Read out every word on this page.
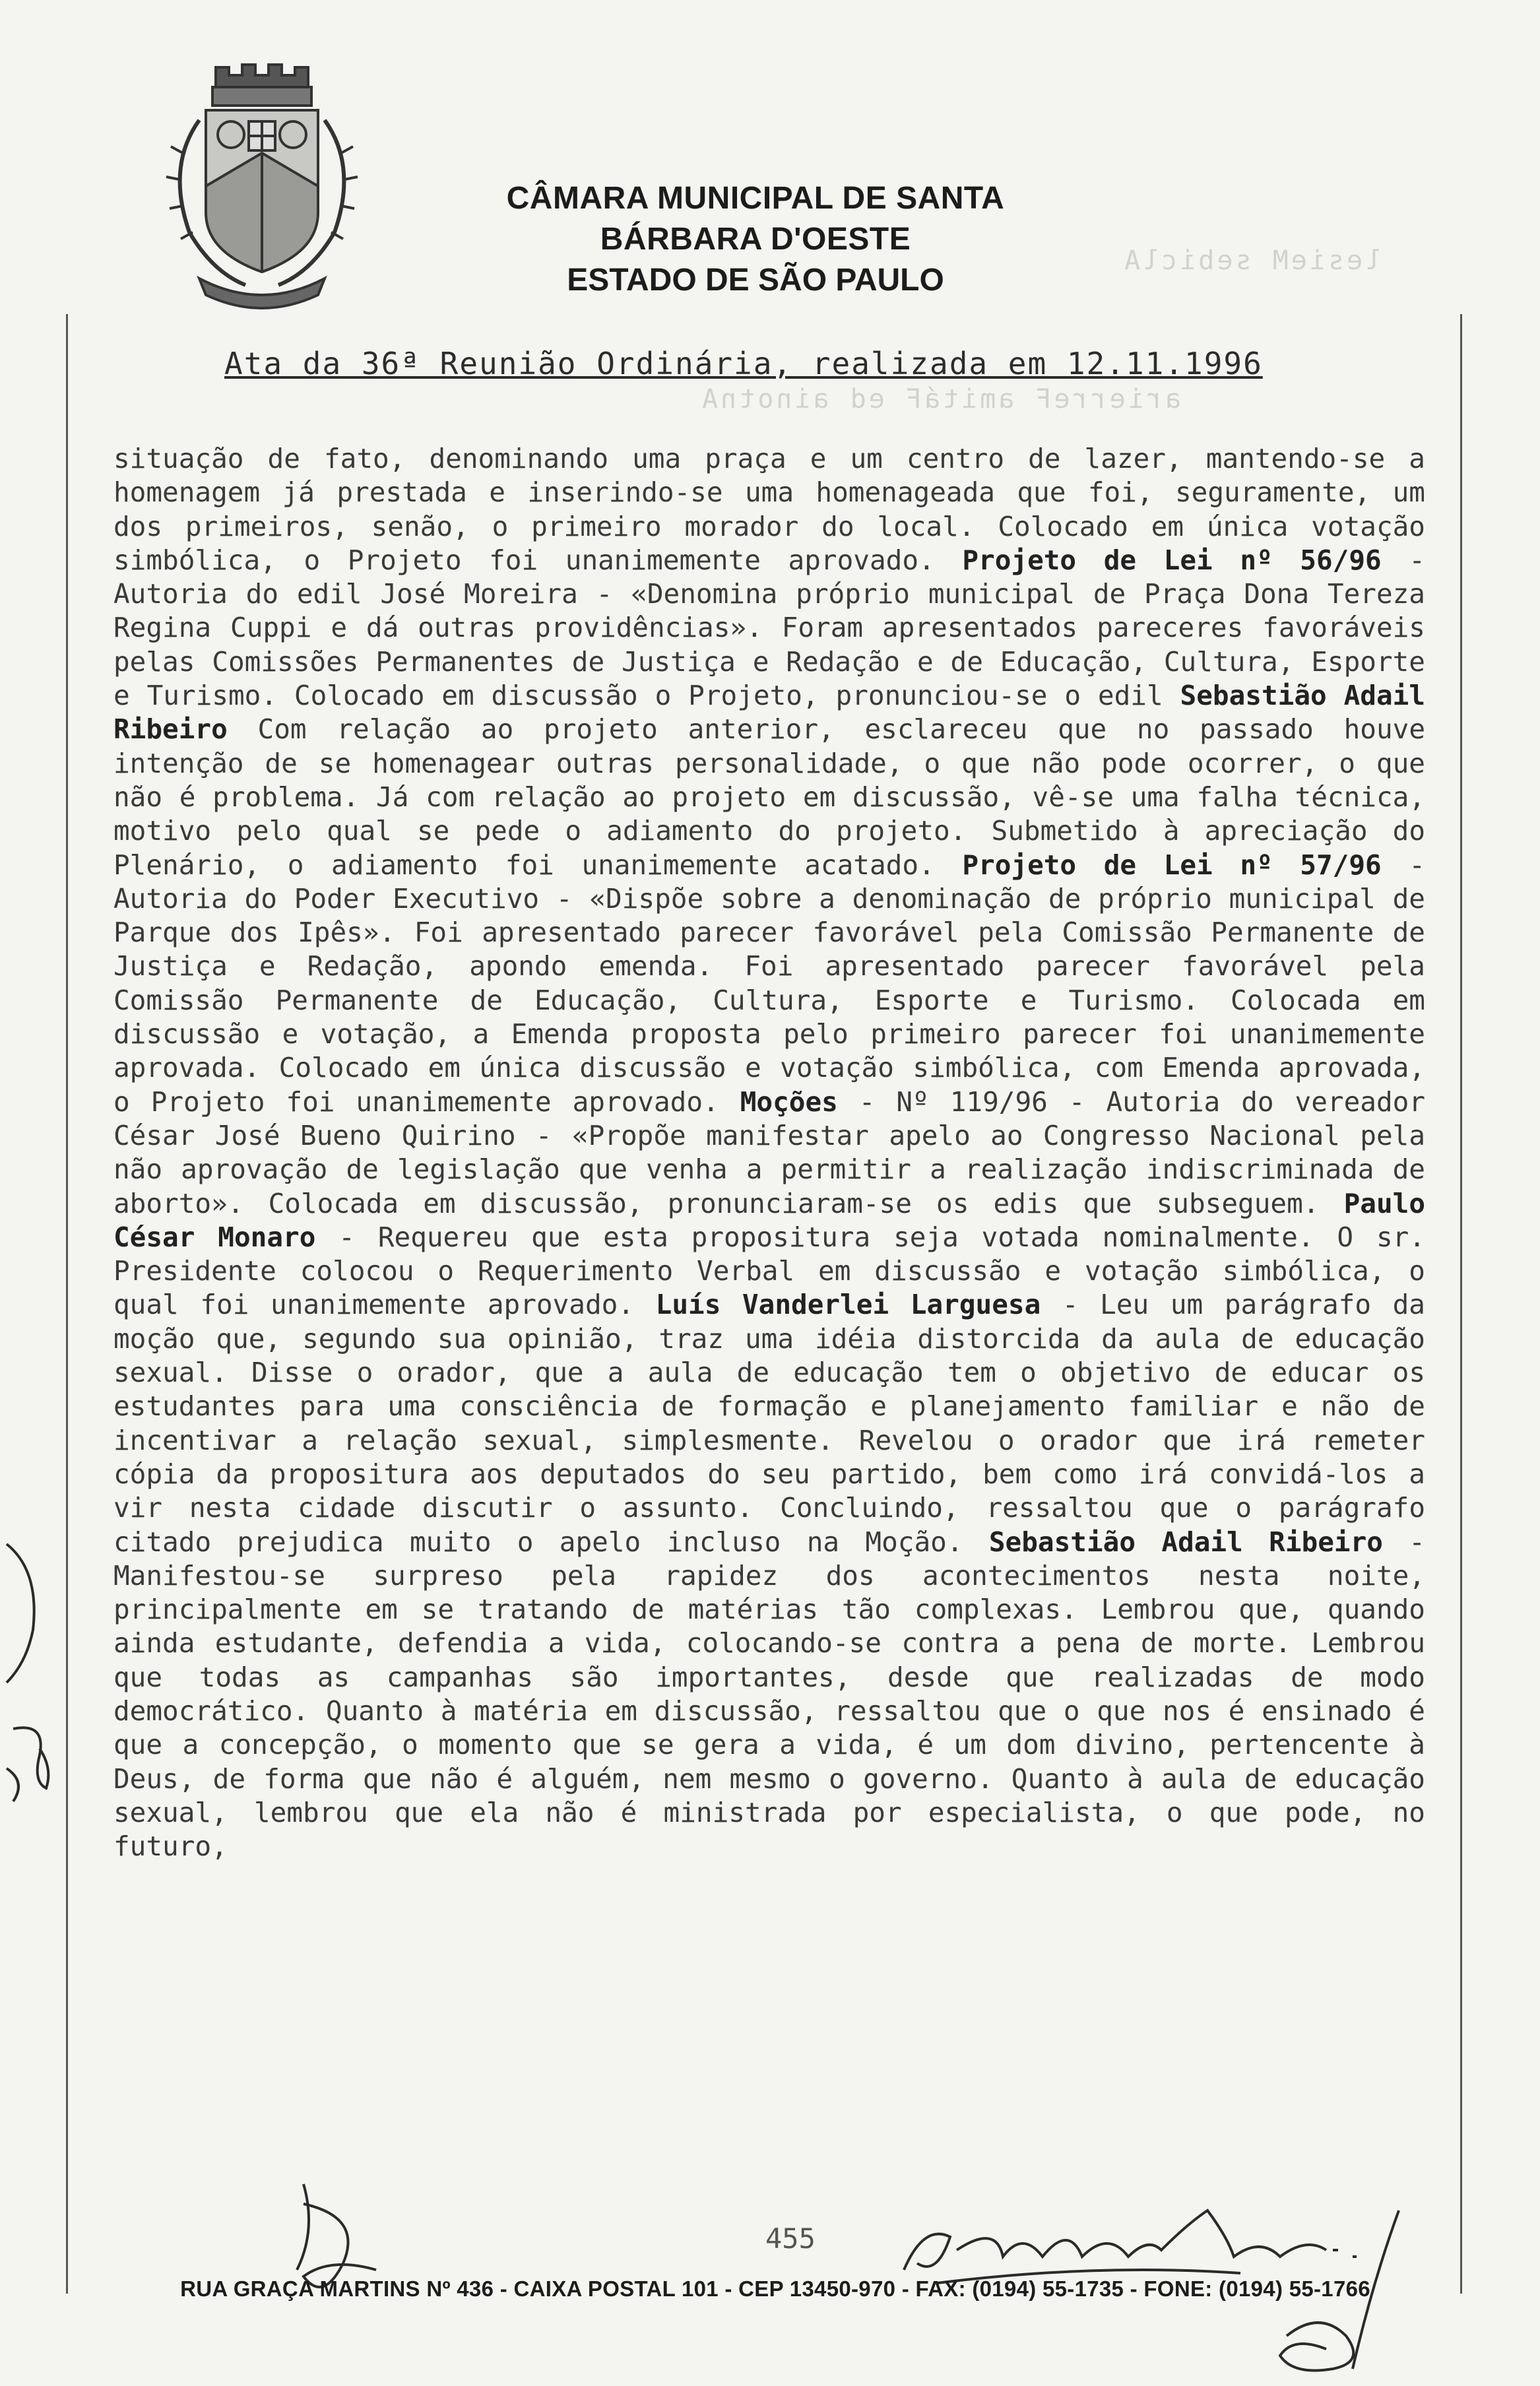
lesieM sebiclA
arierreF amitáF ed ainotnA
CÂMARA MUNICIPAL DE SANTA BÁRBARA D'OESTE
ESTADO DE SÃO PAULO
Ata da 36ª Reunião Ordinária, realizada em 12.11.1996
situação de fato, denominando uma praça e um centro de lazer, mantendo-se a homenagem já prestada e inserindo-se uma homenageada que foi, seguramente, um dos primeiros, senão, o primeiro morador do local. Colocado em única votação simbólica, o Projeto foi unanimemente aprovado. Projeto de Lei nº 56/96 - Autoria do edil José Moreira - «Denomina próprio municipal de Praça Dona Tereza Regina Cuppi e dá outras providências». Foram apresentados pareceres favoráveis pelas Comissões Permanentes de Justiça e Redação e de Educação, Cultura, Esporte e Turismo. Colocado em discussão o Projeto, pronunciou-se o edil Sebastião Adail Ribeiro Com relação ao projeto anterior, esclareceu que no passado houve intenção de se homenagear outras personalidade, o que não pode ocorrer, o que não é problema. Já com relação ao projeto em discussão, vê-se uma falha técnica, motivo pelo qual se pede o adiamento do projeto. Submetido à apreciação do Plenário, o adiamento foi unanimemente acatado. Projeto de Lei nº 57/96 - Autoria do Poder Executivo - «Dispõe sobre a denominação de próprio municipal de Parque dos Ipês». Foi apresentado parecer favorável pela Comissão Permanente de Justiça e Redação, apondo emenda. Foi apresentado parecer favorável pela Comissão Permanente de Educação, Cultura, Esporte e Turismo. Colocada em discussão e votação, a Emenda proposta pelo primeiro parecer foi unanimemente aprovada. Colocado em única discussão e votação simbólica, com Emenda aprovada, o Projeto foi unanimemente aprovado. Moções - Nº 119/96 - Autoria do vereador César José Bueno Quirino - «Propõe manifestar apelo ao Congresso Nacional pela não aprovação de legislação que venha a permitir a realização indiscriminada de aborto». Colocada em discussão, pronunciaram-se os edis que subseguem. Paulo César Monaro - Requereu que esta propositura seja votada nominalmente. O sr. Presidente colocou o Requerimento Verbal em discussão e votação simbólica, o qual foi unanimemente aprovado. Luís Vanderlei Larguesa - Leu um parágrafo da moção que, segundo sua opinião, traz uma idéia distorcida da aula de educação sexual. Disse o orador, que a aula de educação tem o objetivo de educar os estudantes para uma consciência de formação e planejamento familiar e não de incentivar a relação sexual, simplesmente. Revelou o orador que irá remeter cópia da propositura aos deputados do seu partido, bem como irá convidá-los a vir nesta cidade discutir o assunto. Concluindo, ressaltou que o parágrafo citado prejudica muito o apelo incluso na Moção. Sebastião Adail Ribeiro - Manifestou-se surpreso pela rapidez dos acontecimentos nesta noite, principalmente em se tratando de matérias tão complexas. Lembrou que, quando ainda estudante, defendia a vida, colocando-se contra a pena de morte. Lembrou que todas as campanhas são importantes, desde que realizadas de modo democrático. Quanto à matéria em discussão, ressaltou que o que nos é ensinado é que a concepção, o momento que se gera a vida, é um dom divino, pertencente à Deus, de forma que não é alguém, nem mesmo o governo. Quanto à aula de educação sexual, lembrou que ela não é ministrada por especialista, o que pode, no futuro,
455
RUA GRAÇA MARTINS Nº 436 - CAIXA POSTAL 101 - CEP 13450-970 - FAX: (0194) 55-1735 - FONE: (0194) 55-1766
